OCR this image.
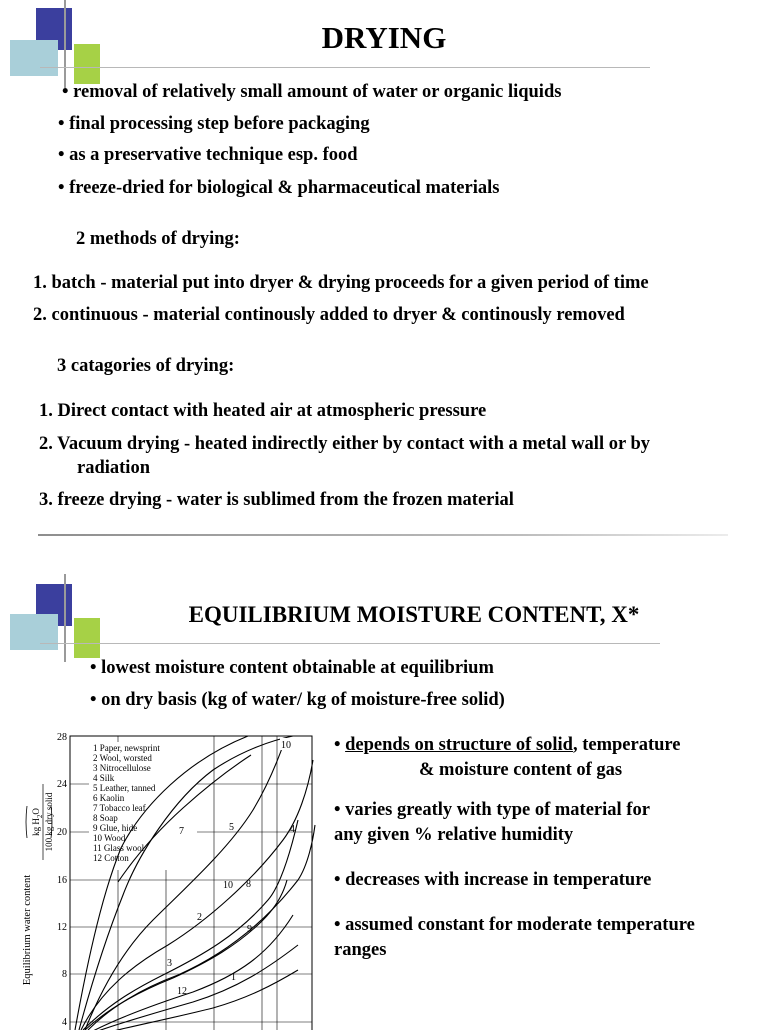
DRYING
• removal of relatively small amount of water or organic liquids
• final processing step before packaging
• as a preservative technique esp. food
• freeze-dried for biological & pharmaceutical materials
2 methods of drying:
1. batch - material put into dryer & drying proceeds for a given period of time
2. continuous - material continously added to dryer & continously removed
3 catagories of drying:
1. Direct contact with heated air at atmospheric pressure
2. Vacuum drying - heated indirectly either by contact with a metal wall or by
radiation
3. freeze drying - water is sublimed from the frozen material
EQUILIBRIUM MOISTURE CONTENT, X*
• lowest moisture content obtainable at equilibrium
• on dry basis (kg of water/ kg of moisture-free solid)
• depends on structure of solid, temperature
& moisture content of gas
• varies greatly with type of material for
any given % relative humidity
• decreases with increase in temperature
• assumed constant for moderate temperature
ranges
Equilibrium water content
kg $H_2O$ 100 kg dry solid
28
24
20
16
12
8
4
1 Paper, newsprint
2 Wool, worsted
3 Nitrocellulose
4 Silk
5 Leather, tanned
6 Kaolin
7 Tobacco leaf
8 Soap
9 Glue, hide
10 Wood
11 Glass wool
12 Cotton
10
7	5	4
10 8
2
9
3
1
12
